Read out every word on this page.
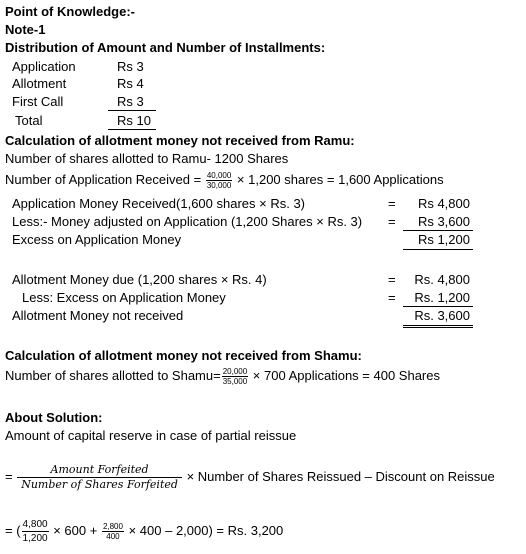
Point of Knowledge:-
Note-1
Distribution of Amount and Number of Installments:
Application	Rs 3
Allotment	Rs 4
First Call	Rs 3
Total	Rs 10
Calculation of allotment money not received from Ramu:
Number of shares allotted to Ramu- 1200 Shares
Number of Application Received = $\frac{40,000}{30,000} \times 1,200$ shares = 1,600 Applications
Application Money Received(1,600 shares × Rs. 3)	=	Rs 4,800
Less:- Money adjusted on Application (1,200 Shares × Rs. 3) =	Rs 3,600
Excess on Application Money	Rs 1,200
Allotment Money due (1,200 shares × Rs. 4)	=	Rs. 4,800
Less: Excess on Application Money	=	Rs. 1,200
Allotment Money not received	Rs. 3,600
Calculation of allotment money not received from Shamu:
Number of shares allotted to Shamu= $\frac{20,000}{35,000} \times 700$ Applications = 400 Shares
About Solution:
Amount of capital reserve in case of partial reissue
= $\frac{\text{Amount Forfeited}}{\text{Number of Shares Forfeited}}$ × Number of Shares Reissued – Discount on Reissue
= ( $\frac{4,800}{1,200} \times 600 + \frac{2,800}{400} \times 400 - 2,000) = Rs$. 3,200
